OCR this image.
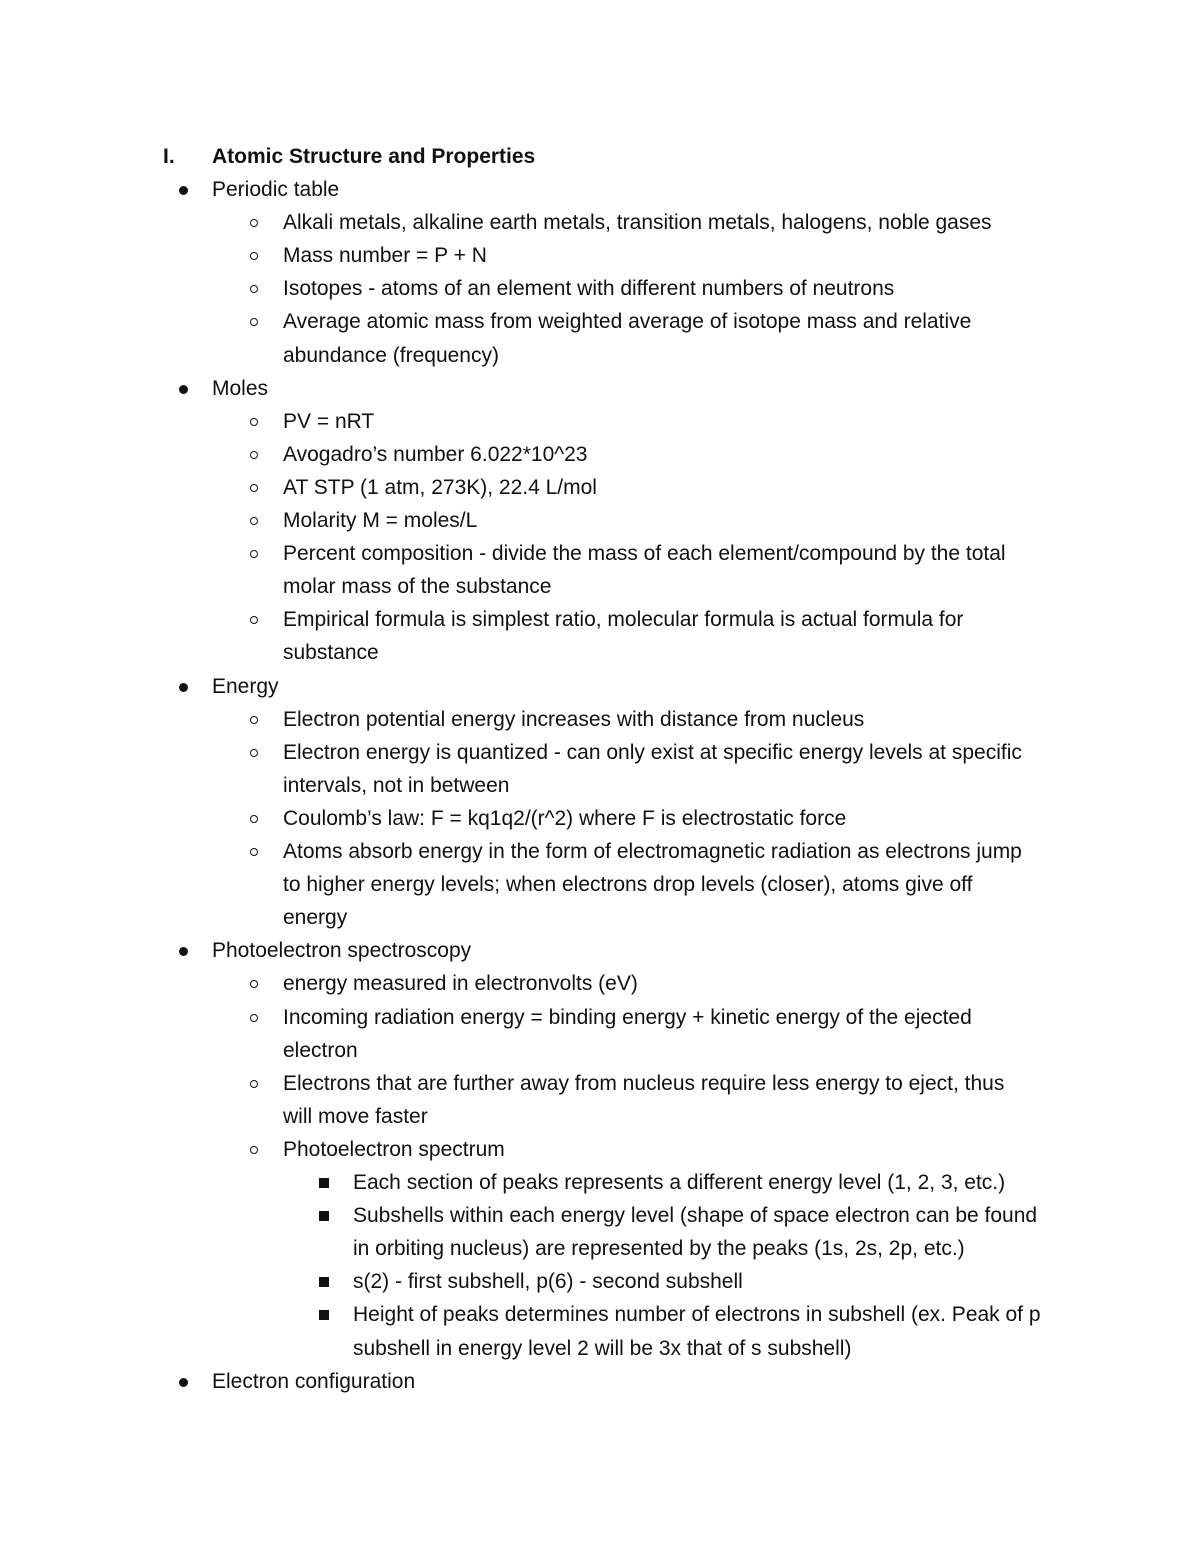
I. Atomic Structure and Properties
Periodic table
Alkali metals, alkaline earth metals, transition metals, halogens, noble gases
Mass number = P + N
Isotopes - atoms of an element with different numbers of neutrons
Average atomic mass from weighted average of isotope mass and relative
abundance (frequency)
Moles
PV = nRT
Avogadro’s number 6.022*10^23
AT STP (1 atm, 273K), 22.4 L/mol
Molarity M = moles/L
Percent composition - divide the mass of each element/compound by the total
molar mass of the substance
Empirical formula is simplest ratio, molecular formula is actual formula for
substance
Energy
Electron potential energy increases with distance from nucleus
Electron energy is quantized - can only exist at specific energy levels at specific
intervals, not in between
Coulomb’s law: F = kq1q2/(r^2) where F is electrostatic force
Atoms absorb energy in the form of electromagnetic radiation as electrons jump
to higher energy levels; when electrons drop levels (closer), atoms give off
energy
Photoelectron spectroscopy
energy measured in electronvolts (eV)
Incoming radiation energy = binding energy + kinetic energy of the ejected
electron
Electrons that are further away from nucleus require less energy to eject, thus
will move faster
Photoelectron spectrum
Each section of peaks represents a different energy level (1, 2, 3, etc.)
Subshells within each energy level (shape of space electron can be found
in orbiting nucleus) are represented by the peaks (1s, 2s, 2p, etc.)
s(2) - first subshell, p(6) - second subshell
Height of peaks determines number of electrons in subshell (ex. Peak of p
subshell in energy level 2 will be 3x that of s subshell)
Electron configuration
